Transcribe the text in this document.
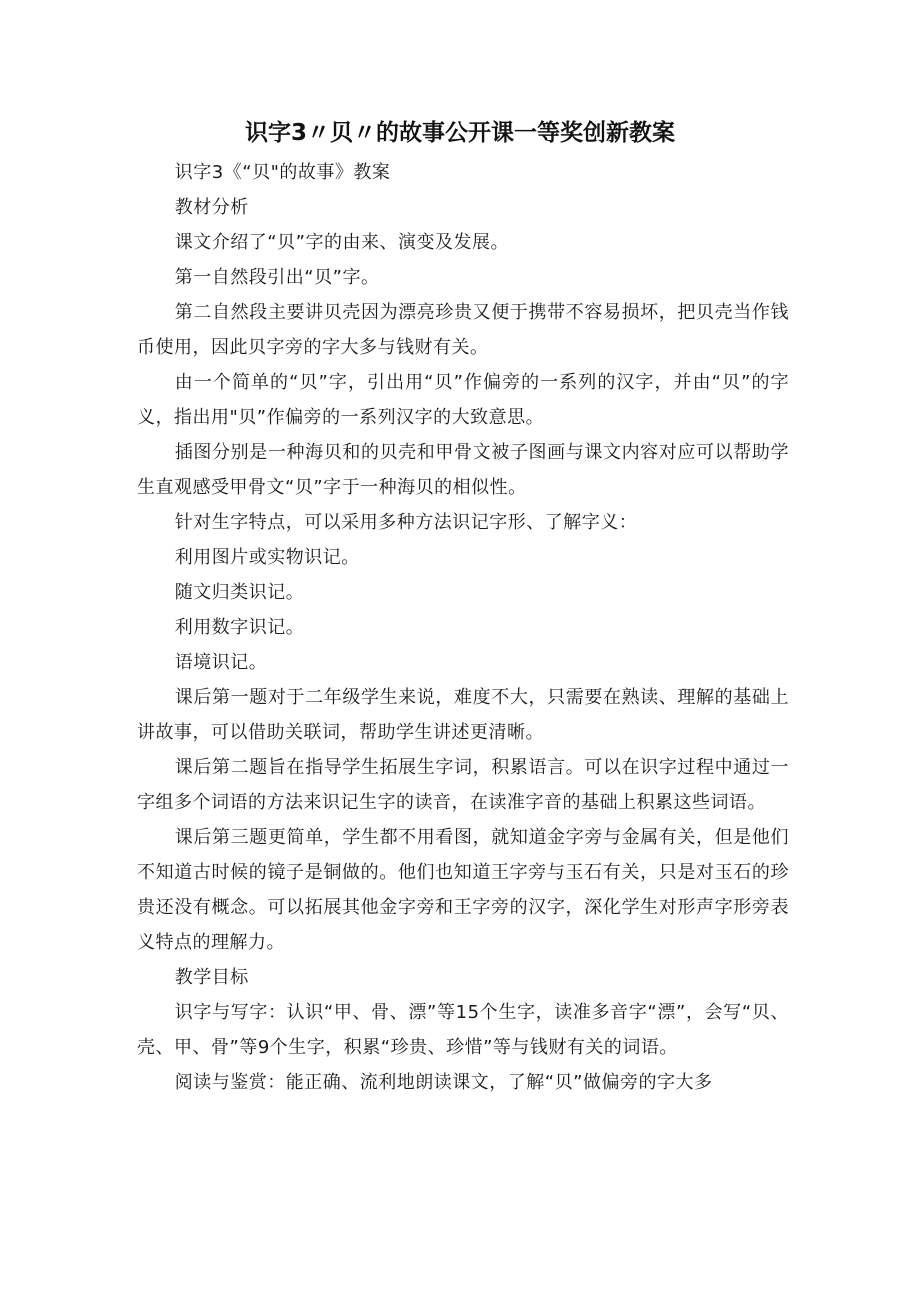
识字3〃贝〃的故事公开课一等奖创新教案

识字3《“贝"的故事》教案

教材分析

课文介绍了“贝”字的由来、演变及发展。

第一自然段引出“贝”字。

第二自然段主要讲贝壳因为漂亮珍贵又便于携带不容易损坏，把贝壳当作钱币使用，因此贝字旁的字大多与钱财有关。

由一个简单的“贝”字，引出用“贝”作偏旁的一系列的汉字，并由“贝”的字义，指出用"贝”作偏旁的一系列汉字的大致意思。

插图分别是一种海贝和的贝壳和甲骨文被子图画与课文内容对应可以帮助学生直观感受甲骨文“贝”字于一种海贝的相似性。

针对生字特点，可以采用多种方法识记字形、了解字义：

利用图片或实物识记。

随文归类识记。

利用数字识记。

语境识记。

课后第一题对于二年级学生来说，难度不大，只需要在熟读、理解的基础上讲故事，可以借助关联词，帮助学生讲述更清晰。

课后第二题旨在指导学生拓展生字词，积累语言。可以在识字过程中通过一字组多个词语的方法来识记生字的读音，在读准字音的基础上积累这些词语。

课后第三题更简单，学生都不用看图，就知道金字旁与金属有关，但是他们不知道古时候的镜子是铜做的。他们也知道王字旁与玉石有关，只是对玉石的珍贵还没有概念。可以拓展其他金字旁和王字旁的汉字，深化学生对形声字形旁表义特点的理解力。

教学目标

识字与写字：认识“甲、骨、漂”等15个生字，读准多音字“漂”，会写“贝、壳、甲、骨”等9个生字，积累“珍贵、珍惜”等与钱财有关的词语。

阅读与鉴赏：能正确、流利地朗读课文，了解“贝”做偏旁的字大多
